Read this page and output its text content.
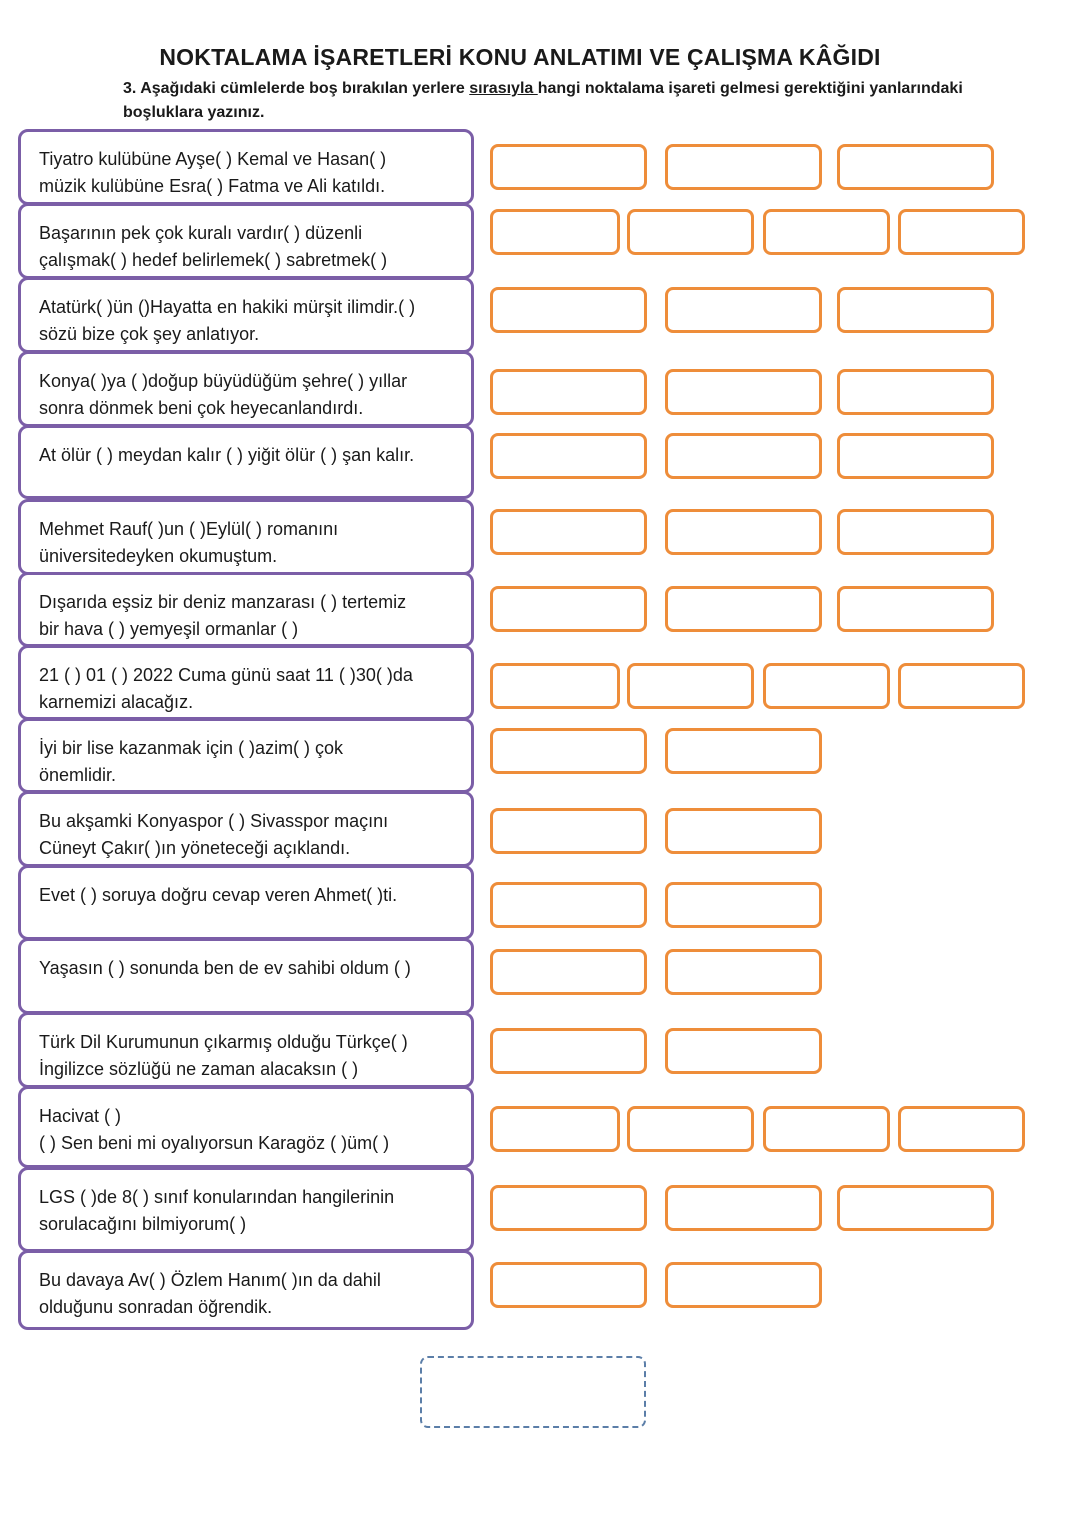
NOKTALAMA İŞARETLERİ KONU ANLATIMI VE ÇALIŞMA KÂĞIDI
3. Aşağıdaki cümlelerde boş bırakılan yerlere sırasıyla hangi noktalama işareti gelmesi gerektiğini yanlarındaki boşluklara yazınız.
Tiyatro kulübüne Ayşe( ) Kemal ve Hasan( )
müzik kulübüne Esra( ) Fatma ve Ali katıldı.
Başarının pek çok kuralı vardır( ) düzenli
çalışmak( ) hedef belirlemek( ) sabretmek( )
Atatürk( )ün ()Hayatta en hakiki mürşit ilimdir.( )
sözü bize çok şey anlatıyor.
Konya( )ya ( )doğup büyüdüğüm şehre( ) yıllar
sonra dönmek beni çok heyecanlandırdı.
At ölür ( ) meydan kalır ( ) yiğit ölür ( ) şan kalır.
Mehmet Rauf( )un ( )Eylül( ) romanını
üniversitedeyken okumuştum.
Dışarıda eşsiz bir deniz manzarası ( ) tertemiz
bir hava ( ) yemyeşil ormanlar ( )
21 ( ) 01 ( ) 2022 Cuma günü saat 11 ( )30( )da
karnemizi alacağız.
İyi bir lise kazanmak için ( )azim( ) çok
önemlidir.
Bu akşamki Konyaspor ( ) Sivasspor maçını
Cüneyt Çakır( )ın yöneteceği açıklandı.
Evet ( ) soruya doğru cevap veren Ahmet( )ti.
Yaşasın ( ) sonunda ben de ev sahibi oldum ( )
Türk Dil Kurumunun çıkarmış olduğu Türkçe( )
İngilizce sözlüğü ne zaman alacaksın ( )
Hacivat ( )
( ) Sen beni mi oyalıyorsun Karagöz ( )üm( )
LGS ( )de 8( ) sınıf konularından hangilerinin
sorulacağını bilmiyorum( )
Bu davaya Av( ) Özlem Hanım( )ın da dahil
olduğunu sonradan öğrendik.
